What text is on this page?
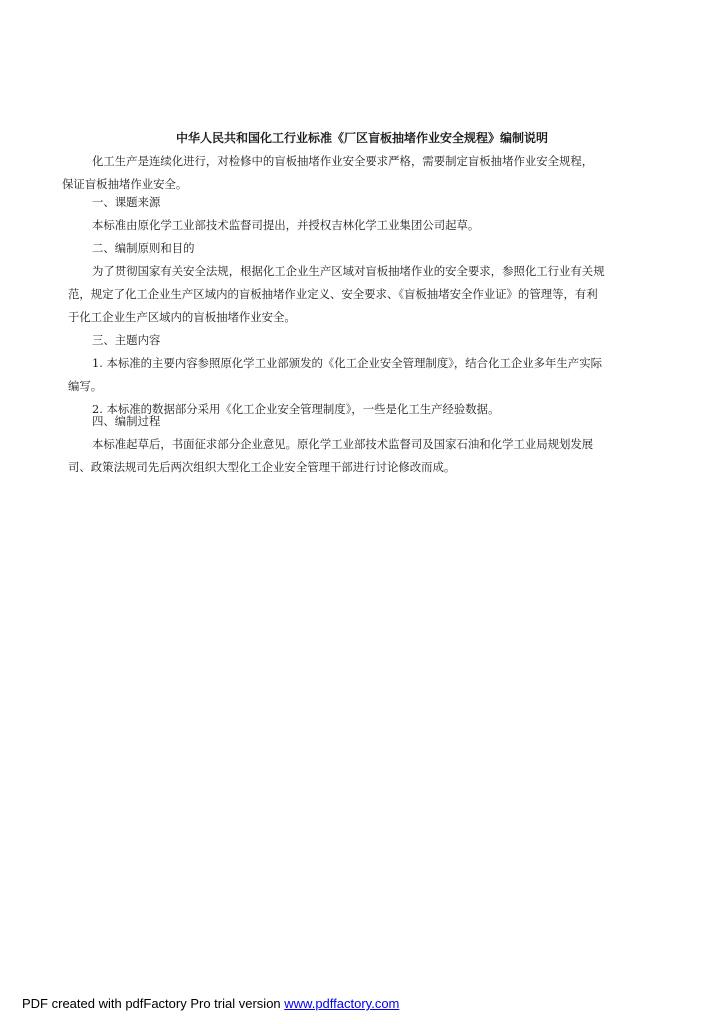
中华人民共和国化工行业标准《厂区盲板抽堵作业安全规程》编制说明
化工生产是连续化进行，对检修中的盲板抽堵作业安全要求严格，需要制定盲板抽堵作业安全规程，
保证盲板抽堵作业安全。
一、课题来源
本标准由原化学工业部技术监督司提出，并授权吉林化学工业集团公司起草。
二、编制原则和目的
为了贯彻国家有关安全法规，根据化工企业生产区域对盲板抽堵作业的安全要求，参照化工行业有关规
范，规定了化工企业生产区域内的盲板抽堵作业定义、安全要求、《盲板抽堵安全作业证》的管理等，有利
于化工企业生产区域内的盲板抽堵作业安全。
三、主题内容
1. 本标准的主要内容参照原化学工业部颁发的《化工企业安全管理制度》，结合化工企业多年生产实际
编写。
2. 本标准的数据部分采用《化工企业安全管理制度》，一些是化工生产经验数据。
四、编制过程
本标准起草后，书面征求部分企业意见。原化学工业部技术监督司及国家石油和化学工业局规划发展
司、政策法规司先后两次组织大型化工企业安全管理干部进行讨论修改而成。
PDF created with pdfFactory Pro trial version www.pdffactory.com
